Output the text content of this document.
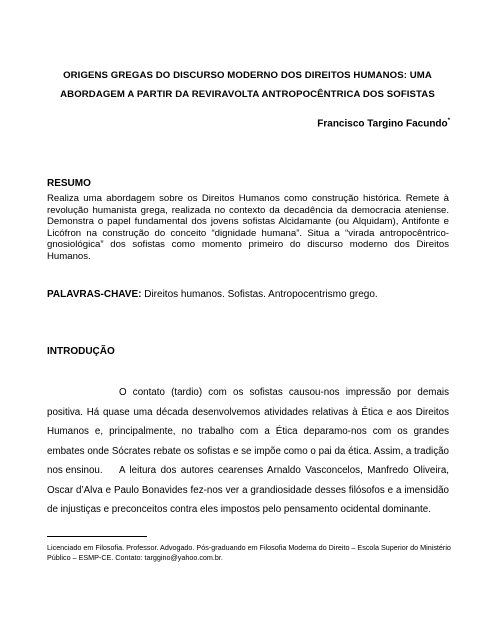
ORIGENS GREGAS DO DISCURSO MODERNO DOS DIREITOS HUMANOS: UMA
ABORDAGEM A PARTIR DA REVIRAVOLTA ANTROPOCÊNTRICA DOS SOFISTAS
Francisco Targino Facundo*
RESUMO
Realiza uma abordagem sobre os Direitos Humanos como construção histórica. Remete à revolução humanista grega, realizada no contexto da decadência da democracia ateniense. Demonstra o papel fundamental dos jovens sofistas Alcidamante (ou Alquidam), Antifonte e Licófron na construção do conceito “dignidade humana”. Situa a “virada antropocêntrico-gnosiológica” dos sofistas como momento primeiro do discurso moderno dos Direitos Humanos.
PALAVRAS-CHAVE: Direitos humanos. Sofistas. Antropocentrismo grego.
INTRODUÇÃO
O contato (tardio) com os sofistas causou-nos impressão por demais positiva. Há quase uma década desenvolvemos atividades relativas à Ética e aos Direitos Humanos e, principalmente, no trabalho com a Ética deparamo-nos com os grandes embates onde Sócrates rebate os sofistas e se impõe como o pai da ética. Assim, a tradição nos ensinou.	A leitura dos autores cearenses Arnaldo Vasconcelos, Manfredo Oliveira, Oscar d’Alva e Paulo Bonavides fez-nos ver a grandiosidade desses filósofos e a imensidão de injustiças e preconceitos contra eles impostos pelo pensamento ocidental dominante.
Licenciado em Filosofia. Professor. Advogado. Pós-graduando em Filosofia Moderna do Direito – Escola Superior do Ministério Público – ESMP-CE. Contato: targgino@yahoo.com.br.
